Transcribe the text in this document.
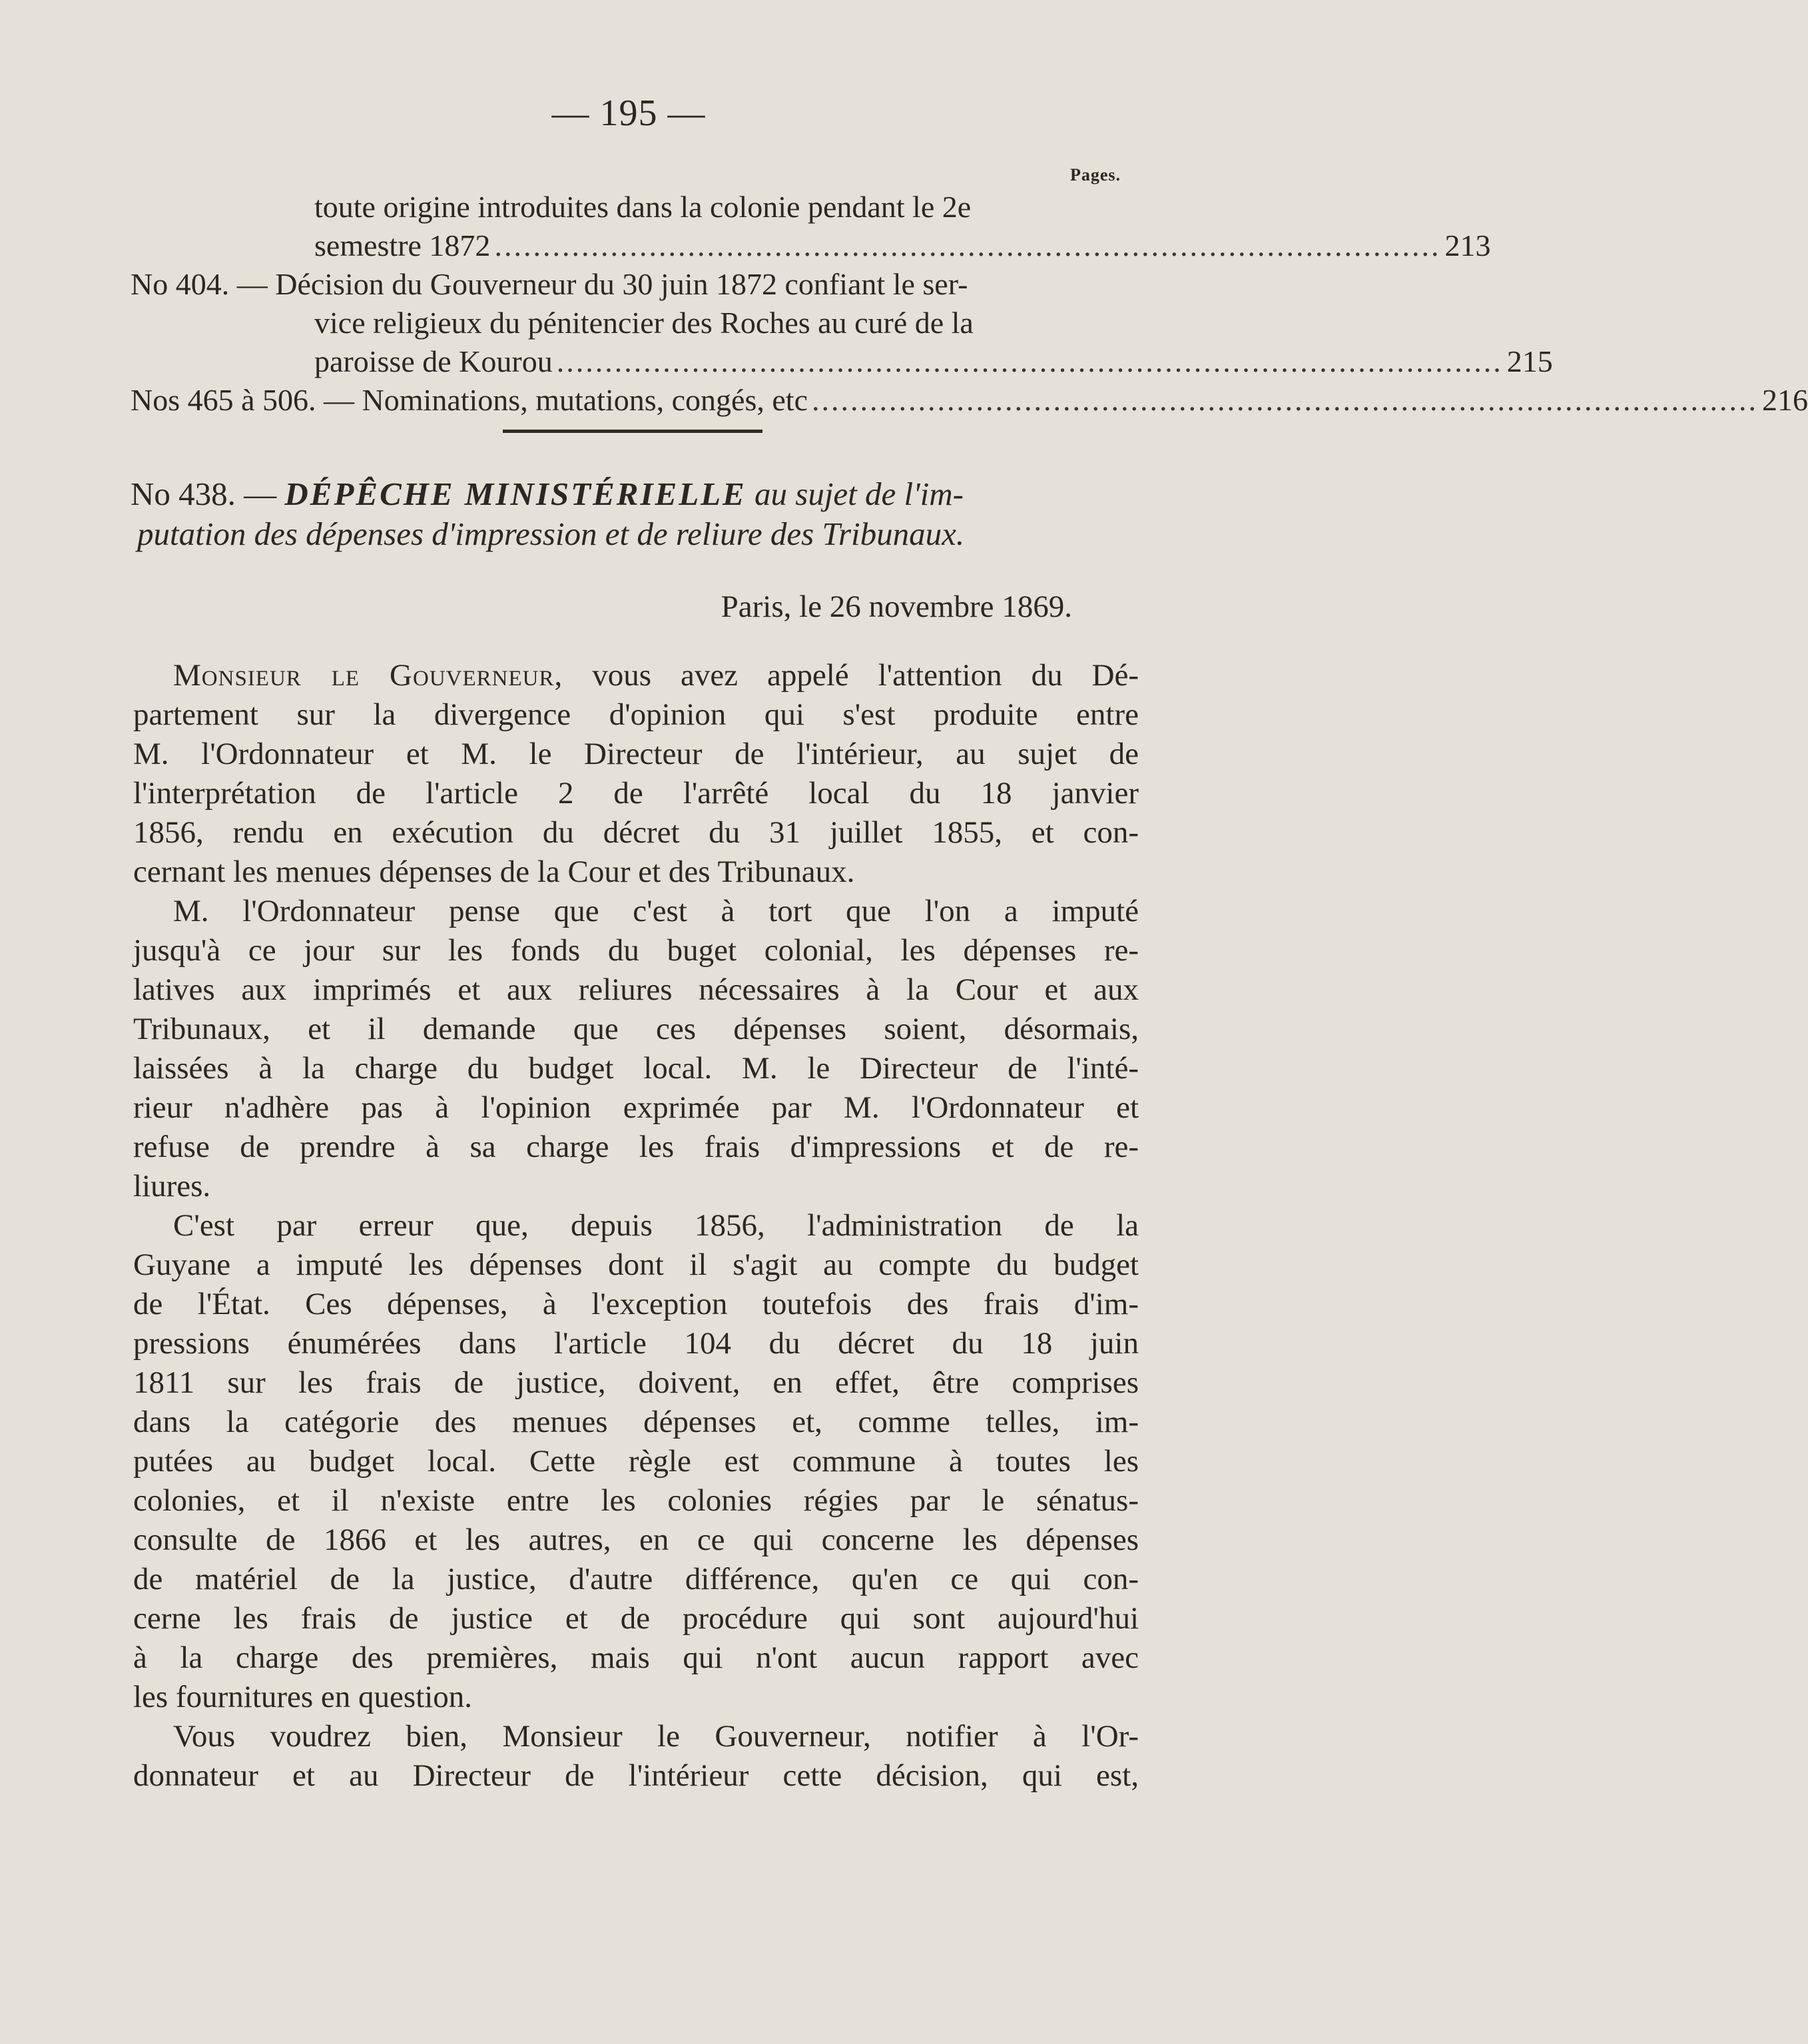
— 195 —
Pages.
toute origine introduites dans la colonie pendant le 2e
semestre 1872 .................................................................................................. 213
No 404. — Décision du Gouverneur du 30 juin 1872 confiant le ser-
vice religieux du pénitencier des Roches au curé de la
paroisse de Kourou .................................................................................................. 215
Nos 465 à 506. — Nominations, mutations, congés, etc .................................................................................................. 216
No 438. — DÉPÊCHE MINISTÉRIELLE au sujet de l'im-
putation des dépenses d'impression et de reliure des Tribunaux.
Paris, le 26 novembre 1869.
Monsieur le Gouverneur, vous avez appelé l'attention du Dé-
partement sur la divergence d'opinion qui s'est produite entre
M. l'Ordonnateur et M. le Directeur de l'intérieur, au sujet de
l'interprétation de l'article 2 de l'arrêté local du 18 janvier
1856, rendu en exécution du décret du 31 juillet 1855, et con-
cernant les menues dépenses de la Cour et des Tribunaux.
M. l'Ordonnateur pense que c'est à tort que l'on a imputé
jusqu'à ce jour sur les fonds du buget colonial, les dépenses re-
latives aux imprimés et aux reliures nécessaires à la Cour et aux
Tribunaux, et il demande que ces dépenses soient, désormais,
laissées à la charge du budget local. M. le Directeur de l'inté-
rieur n'adhère pas à l'opinion exprimée par M. l'Ordonnateur et
refuse de prendre à sa charge les frais d'impressions et de re-
liures.
C'est par erreur que, depuis 1856, l'administration de la
Guyane a imputé les dépenses dont il s'agit au compte du budget
de l'État. Ces dépenses, à l'exception toutefois des frais d'im-
pressions énumérées dans l'article 104 du décret du 18 juin
1811 sur les frais de justice, doivent, en effet, être comprises
dans la catégorie des menues dépenses et, comme telles, im-
putées au budget local. Cette règle est commune à toutes les
colonies, et il n'existe entre les colonies régies par le sénatus-
consulte de 1866 et les autres, en ce qui concerne les dépenses
de matériel de la justice, d'autre différence, qu'en ce qui con-
cerne les frais de justice et de procédure qui sont aujourd'hui
à la charge des premières, mais qui n'ont aucun rapport avec
les fournitures en question.
Vous voudrez bien, Monsieur le Gouverneur, notifier à l'Or-
donnateur et au Directeur de l'intérieur cette décision, qui est,
